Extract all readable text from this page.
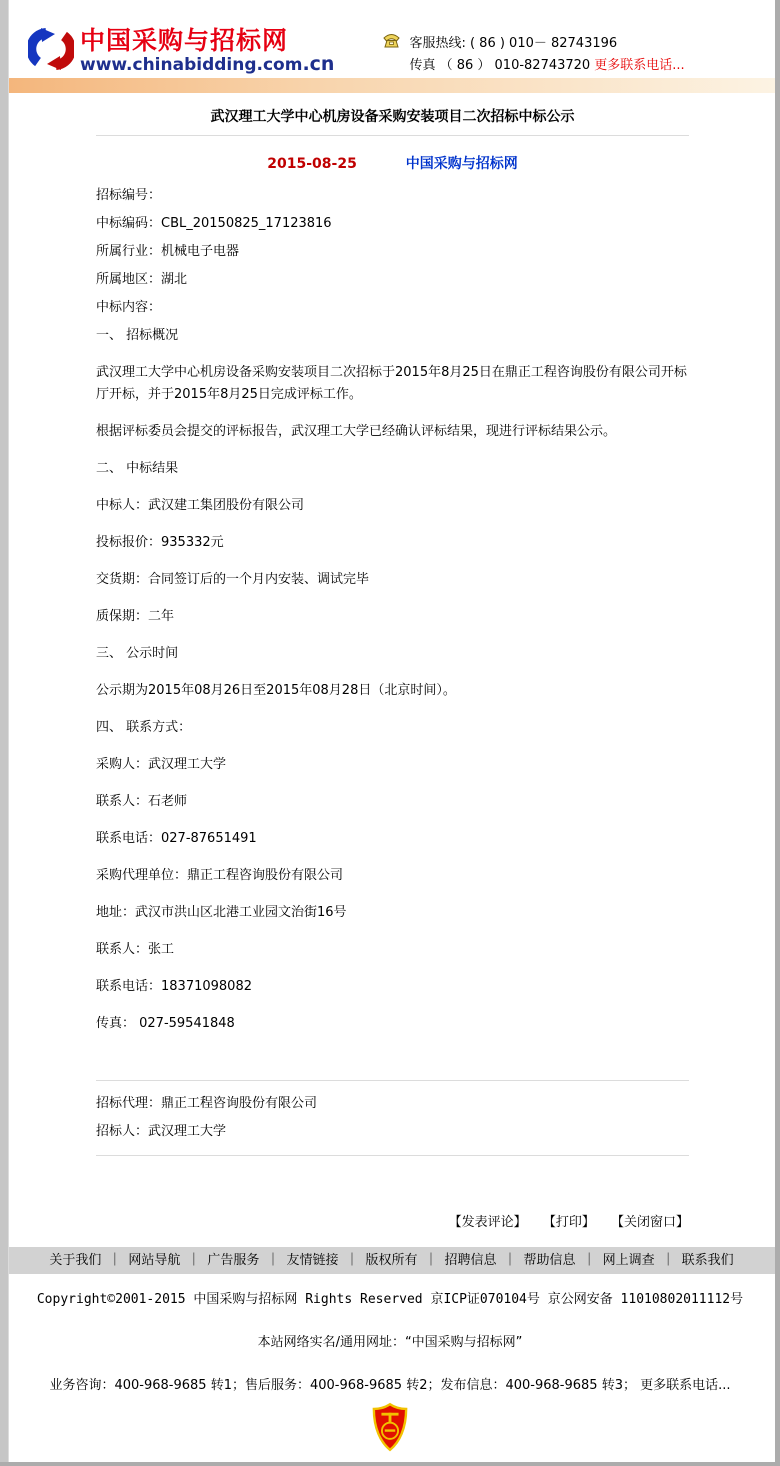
中国采购与招标网
www.chinabidding.com.cn
客服热线: ( 86 ) 010－ 82743196
传真 （ 86 ） 010-82743720 更多联系电话...
武汉理工大学中心机房设备采购安装项目二次招标中标公示
2015-08-25	中国采购与招标网

招标编号：

中标编码：CBL_20150825_17123816

所属行业：机械电子电器

所属地区：湖北

中标内容：

一、 招标概况

武汉理工大学中心机房设备采购安装项目二次招标于2015年8月25日在鼎正工程咨询股份有限公司开标厅开标，并于2015年8月25日完成评标工作。

根据评标委员会提交的评标报告，武汉理工大学已经确认评标结果，现进行评标结果公示。

二、 中标结果

中标人：武汉建工集团股份有限公司

投标报价：935332元

交货期：合同签订后的一个月内安装、调试完毕

质保期：二年

三、 公示时间

公示期为2015年08月26日至2015年08月28日（北京时间）。

四、 联系方式：

采购人：武汉理工大学

联系人：石老师

联系电话：027-87651491

采购代理单位：鼎正工程咨询股份有限公司

地址：武汉市洪山区北港工业园文治街16号

联系人：张工

联系电话：18371098082

传真： 027-59541848

招标代理：鼎正工程咨询股份有限公司

招标人：武汉理工大学

【发表评论】 【打印】 【关闭窗口】
关于我们 ｜ 网站导航 ｜ 广告服务 ｜ 友情链接 ｜ 版权所有 ｜ 招聘信息 ｜ 帮助信息 ｜ 网上调查 ｜ 联系我们

Copyright©2001-2015 中国采购与招标网 Rights Reserved 京ICP证070104号 京公网安备 11010802011112号

本站网络实名/通用网址：“中国采购与招标网”

业务咨询：400-968-9685 转1；售后服务：400-968-9685 转2；发布信息：400-968-9685 转3； 更多联系电话...
